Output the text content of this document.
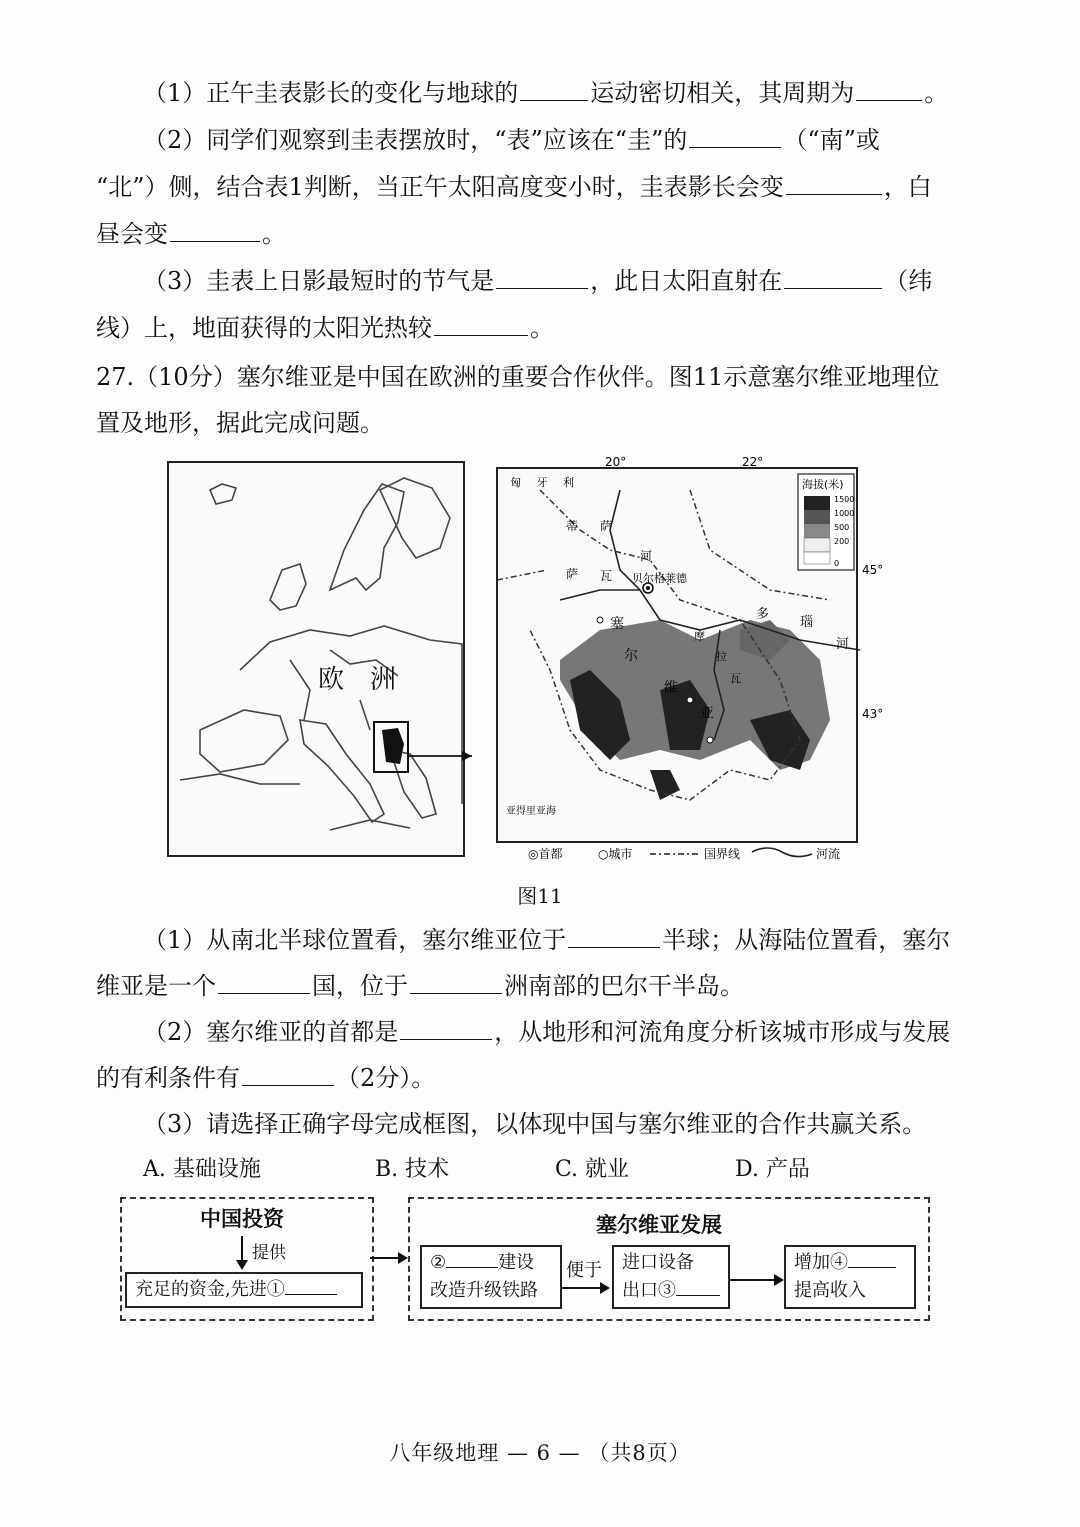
（1）正午圭表影长的变化与地球的	运动密切相关，其周期为	。
（2）同学们观察到圭表摆放时，“表”应该在“圭”的	（“南”或
“北”）侧，结合表1判断，当正午太阳高度变小时，圭表影长会变	，白
昼会变	。
（3）圭表上日影最短时的节气是	，此日太阳直射在	（纬
线）上，地面获得的太阳光热较	。
27.（10分）塞尔维亚是中国在欧洲的重要合作伙伴。图11示意塞尔维亚地理位
置及地形，据此完成问题。
欧 洲
20°	22°
45°
43°
贝尔格莱德
匈 牙 利
蒂 萨
河
萨 瓦
多
瑙
河
塞
尔
维
亚
摩
拉
瓦
亚得里亚海
海拔(米)
1500
1000
500
200
0
◎首都	○城市	国界线	河流
图11
（1）从南北半球位置看，塞尔维亚位于	半球；从海陆位置看，塞尔
维亚是一个	国，位于	洲南部的巴尔干半岛。
（2）塞尔维亚的首都是	，从地形和河流角度分析该城市形成与发展
的有利条件有	（2分）。
（3）请选择正确字母完成框图，以体现中国与塞尔维亚的合作共赢关系。
A. 基础设施	B. 技术	C. 就业	D. 产品
中国投资
提供
充足的资金,先进①
塞尔维亚发展
②	建设
改造升级铁路
便于 进口设备
出口③
增加④
提高收入
八年级地理 — 6 — （共8页）
